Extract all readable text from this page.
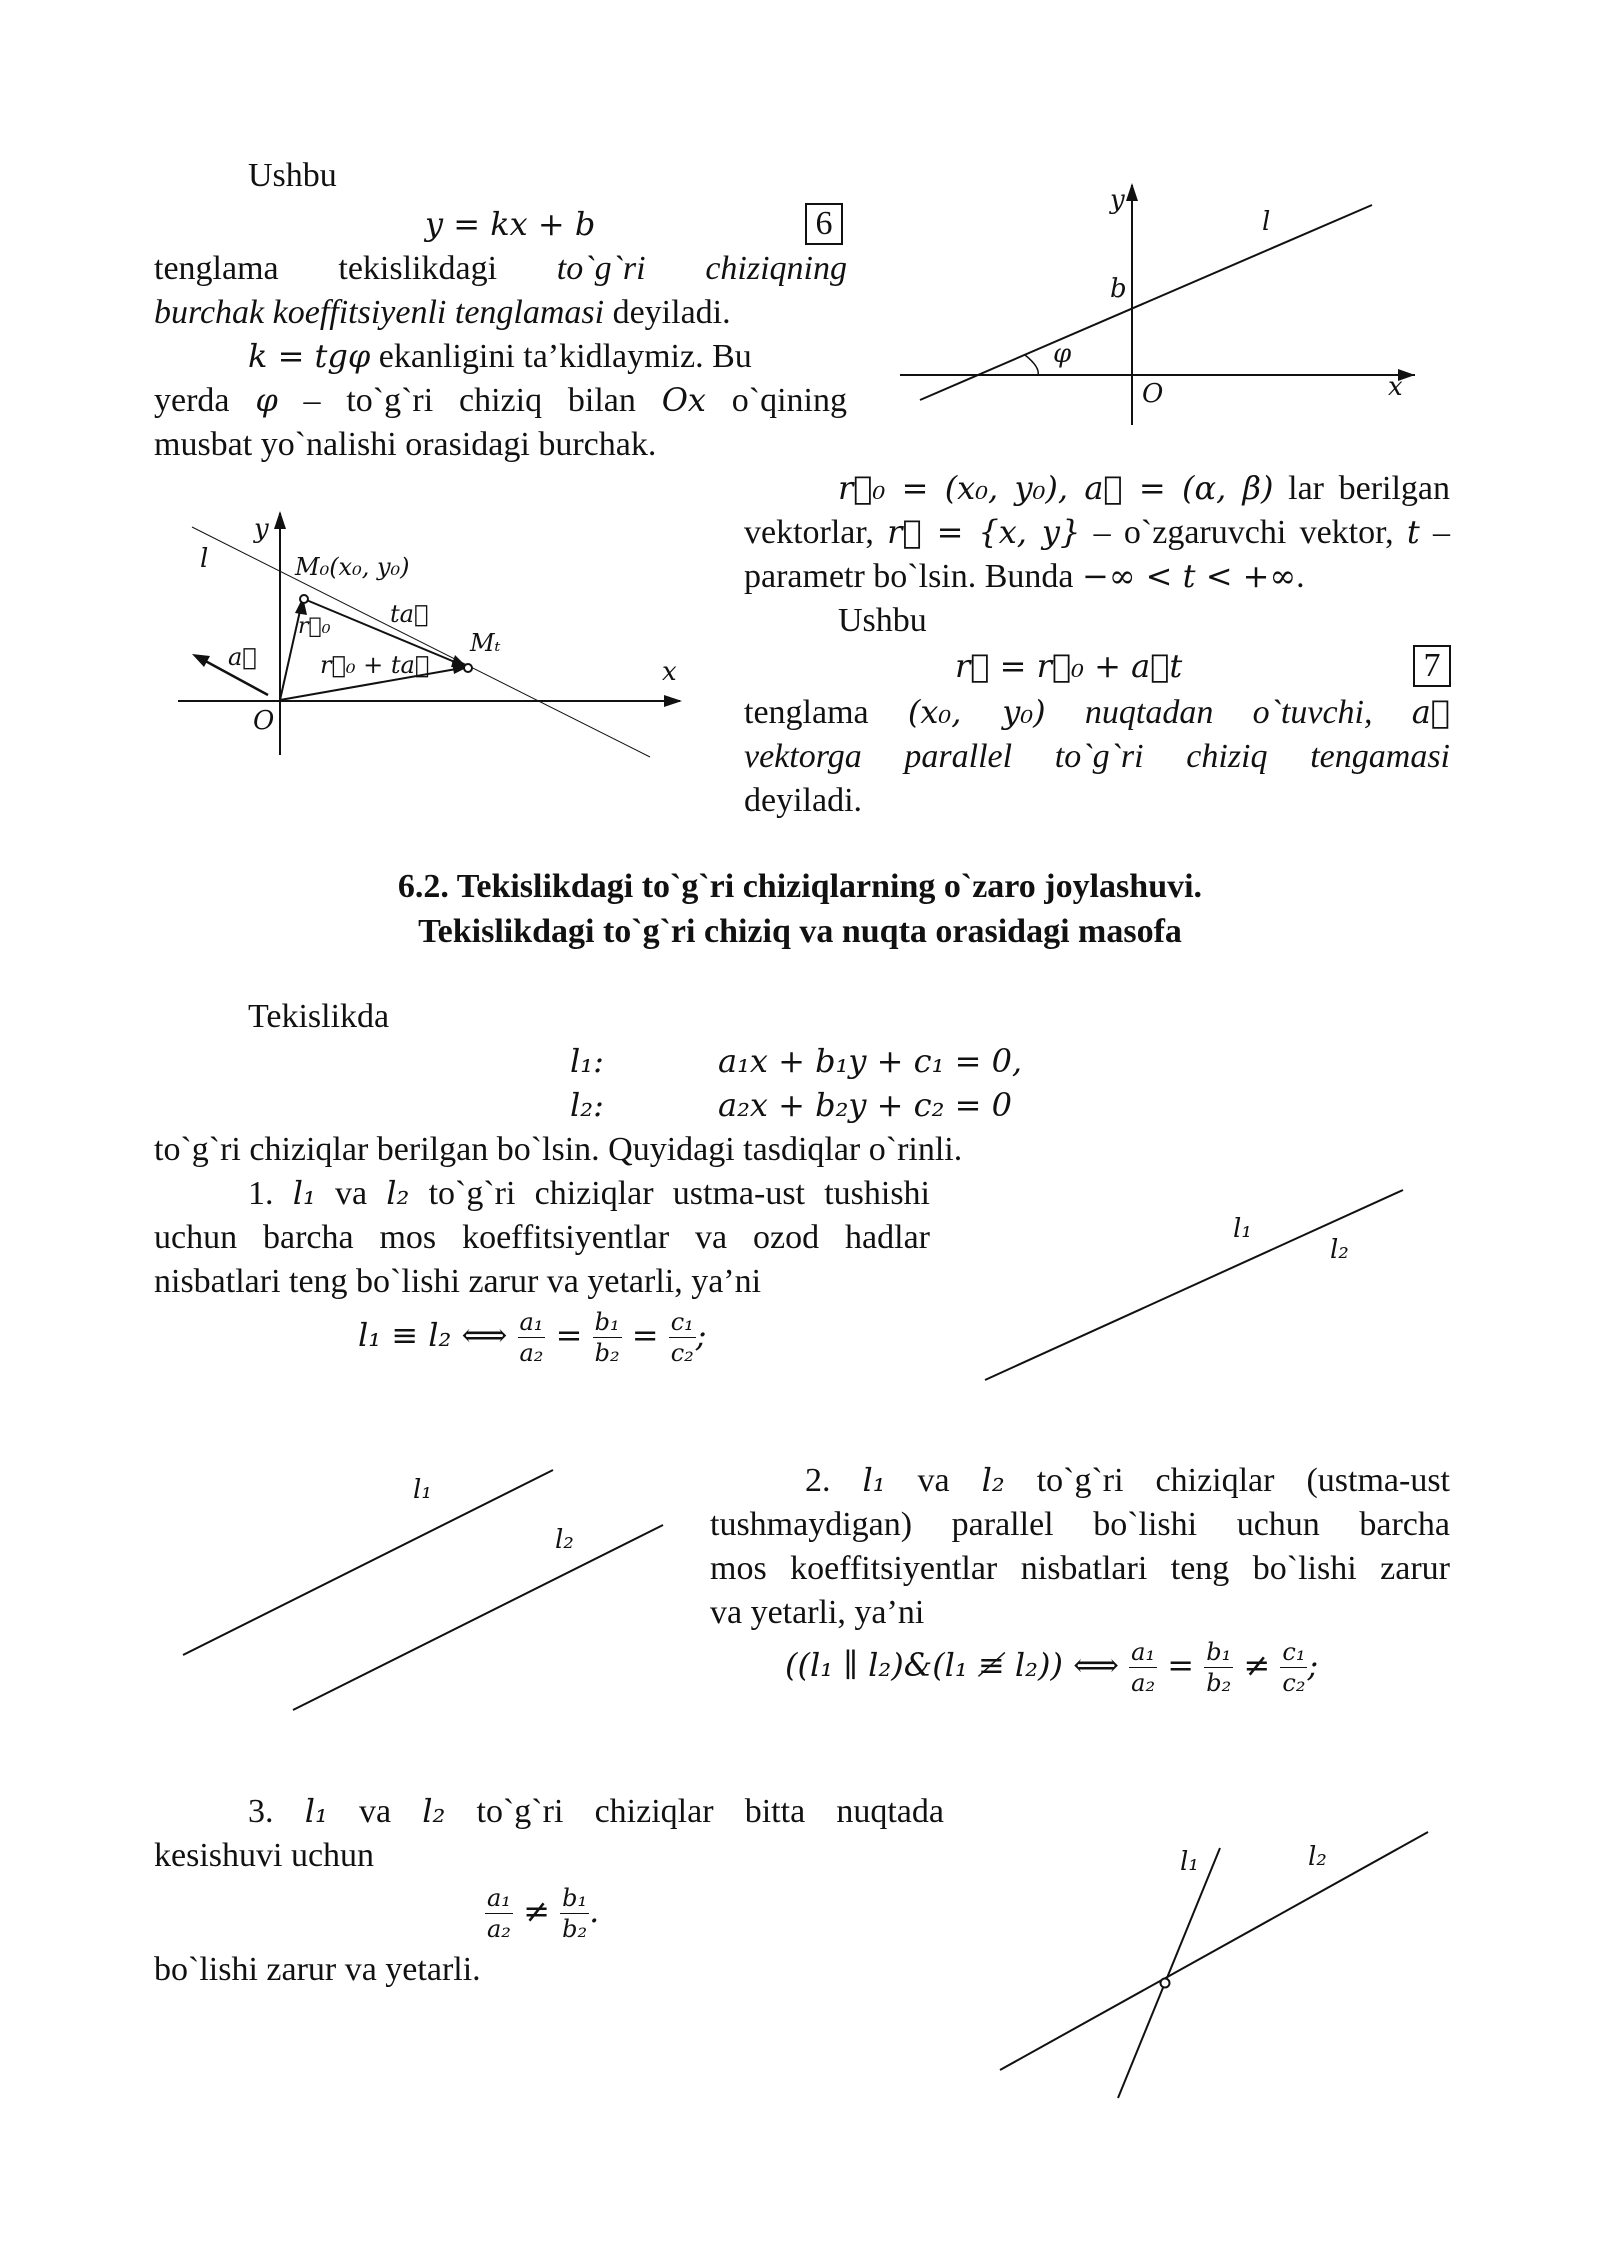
Ushbu
y = kx + b	6
tenglama tekislikdagi to`g`ri chiziqning
burchak koeffitsiyenli tenglamasi deyiladi.
k = tgφ ekanligini ta’kidlaymiz. Bu
yerda φ – to`g`ri chiziq bilan Ox o`qining
musbat yo`nalishi orasidagi burchak.
y
l
b
φ
O	x
y
l	M₀(x₀, y₀)
r⃗₀ ta⃗
Mₜ
a⃗	r⃗₀ + ta⃗	x
O
r⃗₀ = (x₀, y₀), a⃗ = (α, β) lar berilgan
vektorlar, r⃗ = {x, y} – o`zgaruvchi vektor, t –
parametr bo`lsin. Bunda −∞ < t < +∞.
Ushbu
r⃗ = r⃗₀ + a⃗t	7
tenglama (x₀, y₀) nuqtadan o`tuvchi, a⃗
vektorga parallel to`g`ri chiziq tengamasi
deyiladi.
6.2. Tekislikdagi to`g`ri chiziqlarning o`zaro joylashuvi.
Tekislikdagi to`g`ri chiziq va nuqta orasidagi masofa
Tekislikda
l₁:	a₁x + b₁y + c₁ = 0,
l₂:	a₂x + b₂y + c₂ = 0
to`g`ri chiziqlar berilgan bo`lsin. Quyidagi tasdiqlar o`rinli.
1. l₁ va l₂ to`g`ri chiziqlar ustma-ust tushishi
uchun barcha mos koeffitsiyentlar va ozod hadlar
nisbatlari teng bo`lishi zarur va yetarli, ya’ni
l₁ ≡ l₂ ⟺ $\frac{\text{a₁}}{\text{a₂}} = \frac{\text{b₁}}{\text{b₂}} = \frac{\text{c₁}}{\text{c₂}}$ ;
l₁
l₂
l₁
l₂
2. l₁ va l₂ to`g`ri chiziqlar (ustma-ust
tushmaydigan) parallel bo`lishi uchun barcha
mos koeffitsiyentlar nisbatlari teng bo`lishi zarur
va yetarli, ya’ni
((l₁ ∥ l₂)&(l₁ ≢ l₂)) ⟺ $\frac{\text{a₁}}{\text{a₂}} = \frac{\text{b₁}}{\text{b₂}} \ne \frac{\text{c₁}}{\text{c₂}}$ ;
3. l₁ va l₂ to`g`ri chiziqlar bitta nuqtada
kesishuvi uchun
$\frac{\text{a₁}}{\text{a₂}} \ne \frac{\text{b₁}}{\text{b₂}}$ .
bo`lishi zarur va yetarli.
l₁	l₂
